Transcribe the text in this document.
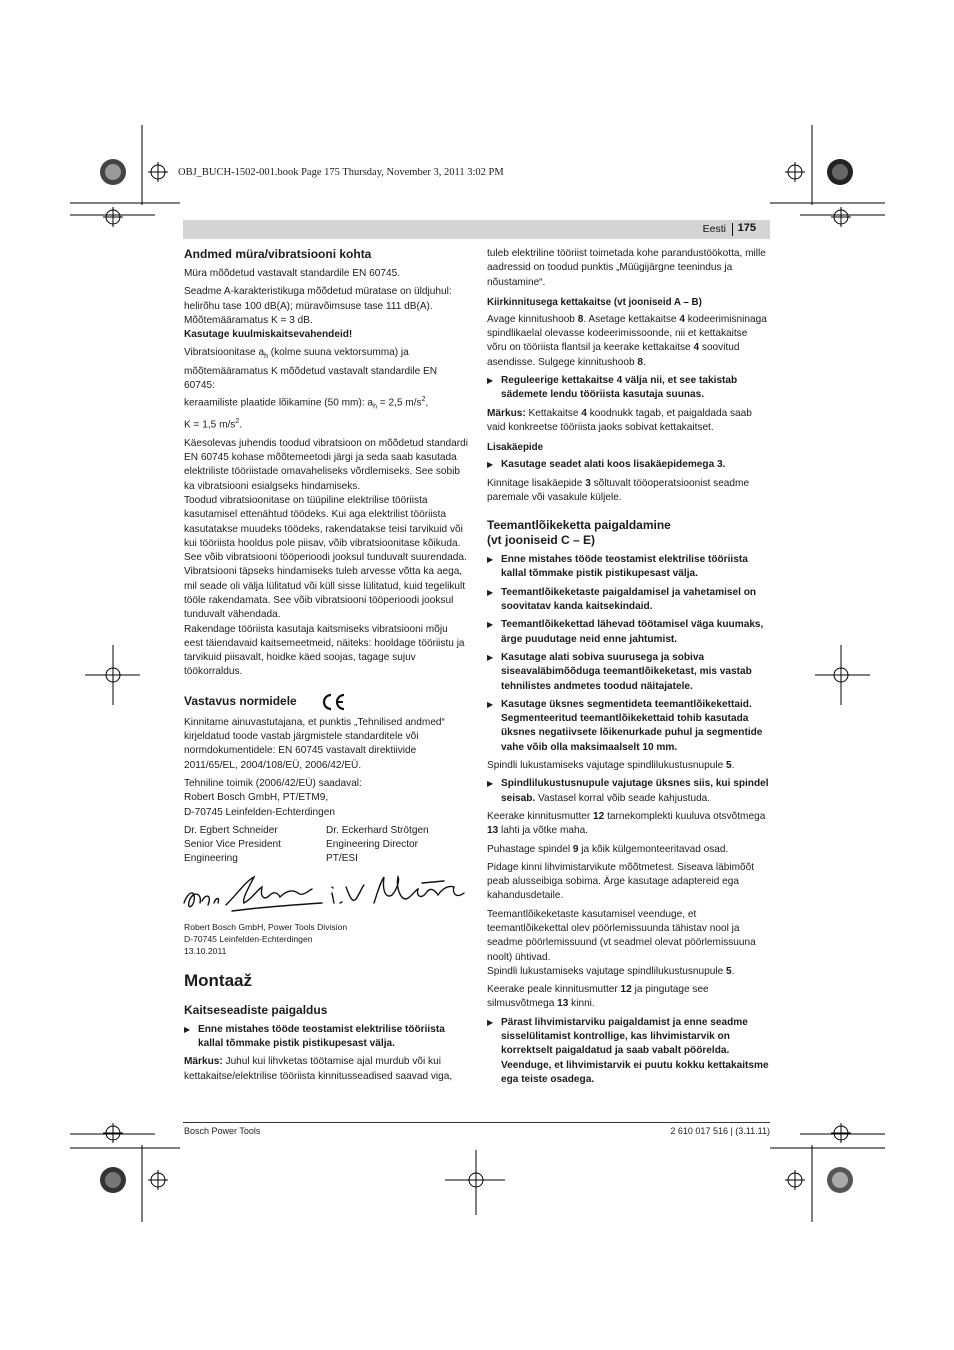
OBJ_BUCH-1502-001.book Page 175 Thursday, November 3, 2011 3:02 PM
Eesti 175
Andmed müra/vibratsiooni kohta

Müra mõõdetud vastavalt standardile EN 60745.

Seadme A-karakteristikuga mõõdetud müratase on üldjuhul: helirõhu tase 100 dB(A); müravõimsuse tase 111 dB(A). Mõõtemääramatus K = 3 dB.

Kasutage kuulmiskaitsevahendeid!

Vibratsioonitase $a_h$ (kolme suuna vektorsumma) ja mõõtemääramatus K mõõdetud vastavalt standardile EN 60745:

keraamiliste plaatide lõikamine (50 mm): $a_h = 2,5$ $m/s^2$,

K = 1,5 $m/s^2$.

Käesolevas juhendis toodud vibratsioon on mõõdetud standardi EN 60745 kohase mõõtemeetodi järgi ja seda saab kasutada elektriliste tööriistade omavaheliseks võrdlemiseks. See sobib ka vibratsiooni esialgseks hindamiseks.

Toodud vibratsioonitase on tüüpiline elektrilise tööriista kasutamisel ettenähtud töödeks. Kui aga elektrilist tööriista kasutatakse muudeks töödeks, rakendatakse teisi tarvikuid või kui tööriista hooldus pole piisav, võib vibratsioonitase kõikuda. See võib vibratsiooni tööperioodi jooksul tunduvalt suurendada.

Vibratsiooni täpseks hindamiseks tuleb arvesse võtta ka aega, mil seade oli välja lülitatud või küll sisse lülitatud, kuid tegelikult tööle rakendamata. See võib vibratsiooni tööperioodi jooksul tunduvalt vähendada.

Rakendage tööriista kasutaja kaitsmiseks vibratsiooni mõju eest täiendavaid kaitsemeetmeid, näiteks: hooldage tööriistu ja tarvikuid piisavalt, hoidke käed soojas, tagage sujuv töökorraldus.

Vastavus normidele

Kinnitame ainuvastutajana, et punktis „Tehnilised andmed“ kirjeldatud toode vastab järgmistele standarditele või normdokumentidele: EN 60745 vastavalt direktiivide 2011/65/EL, 2004/108/EÜ, 2006/42/EÜ.

Tehniline toimik (2006/42/EÜ) saadaval:
Robert Bosch GmbH, PT/ETM9,
D-70745 Leinfelden-Echterdingen

Dr. Egbert Schneider
Senior Vice President
Engineering
Dr. Eckerhard Strötgen
Engineering Director
PT/ESI

Robert Bosch GmbH, Power Tools Division
D-70745 Leinfelden-Echterdingen
13.10.2011

Montaaž
Kaitseseadiste paigaldus
▶ Enne mistahes tööde teostamist elektrilise tööriista kallal tõmmake pistik pistikupesast välja.

Märkus: Juhul kui lihvketas töötamise ajal murdub või kui kettakaitse/elektrilise tööriista kinnitusseadised saavad viga,

tuleb elektriline tööriist toimetada kohe parandustöökotta, mille aadressid on toodud punktis „Müügijärgne teenindus ja nõustamine“.

Kiirkinnitusega kettakaitse (vt jooniseid A – B)

Avage kinnitushoob 8. Asetage kettakaitse 4 kodeerimisninaga spindlikaelal olevasse kodeerimissoonde, nii et kettakaitse võru on tööriista flantsil ja keerake kettakaitse 4 soovitud asendisse. Sulgege kinnitushoob 8.

▶ Reguleerige kettakaitse 4 välja nii, et see takistab sädemete lendu tööriista kasutaja suunas.

Märkus: Kettakaitse 4 koodnukk tagab, et paigaldada saab vaid konkreetse tööriista jaoks sobivat kettakaitset.

Lisakäepide
▶ Kasutage seadet alati koos lisakäepidemega 3.

Kinnitage lisakäepide 3 sõltuvalt tööoperatsioonist seadme paremale või vasakule küljele.

Teemantlõikeketta paigaldamine
(vt jooniseid C – E)
▶ Enne mistahes tööde teostamist elektrilise tööriista kallal tõmmake pistik pistikupesast välja.
▶ Teemantlõikeketaste paigaldamisel ja vahetamisel on soovitatav kanda kaitsekindaid.
▶ Teemantlõikekettad lähevad töötamisel väga kuumaks, ärge puudutage neid enne jahtumist.
▶ Kasutage alati sobiva suurusega ja sobiva siseavaläbimõõduga teemantlõikeketast, mis vastab tehnilistes andmetes toodud näitajatele.
▶ Kasutage üksnes segmentideta teemantlõikekettaid. Segmenteeritud teemantlõikekettaid tohib kasutada üksnes negatiivsete lõikenurkade puhul ja segmentide vahe võib olla maksimaalselt 10 mm.

Spindli lukustamiseks vajutage spindlilukustusnupule 5.

▶ Spindlilukustusnupule vajutage üksnes siis, kui spindel seisab. Vastasel korral võib seade kahjustuda.

Keerake kinnitusmutter 12 tarnekomplekti kuuluva otsvõtmega 13 lahti ja võtke maha.

Puhastage spindel 9 ja kõik külgemonteeritavad osad.

Pidage kinni lihvimistarvikute mõõtmetest. Siseava läbimõõt peab alusseibiga sobima. Ärge kasutage adaptereid ega kahandusdetaile.

Teemantlõikeketaste kasutamisel veenduge, et teemantlõikekettal olev pöörlemissuunda tähistav nool ja seadme pöörlemissuund (vt seadmel olevat pöörlemissuuna noolt) ühtivad.

Spindli lukustamiseks vajutage spindlilukustusnupule 5.

Keerake peale kinnitusmutter 12 ja pingutage see silmusvõtmega 13 kinni.

▶ Pärast lihvimistarviku paigaldamist ja enne seadme sisselülitamist kontrollige, kas lihvimistarvik on korrektselt paigaldatud ja saab vabalt pöörelda. Veenduge, et lihvimistarvik ei puutu kokku kettakaitsme ega teiste osadega.
Bosch Power Tools	2 610 017 516 | (3.11.11)
